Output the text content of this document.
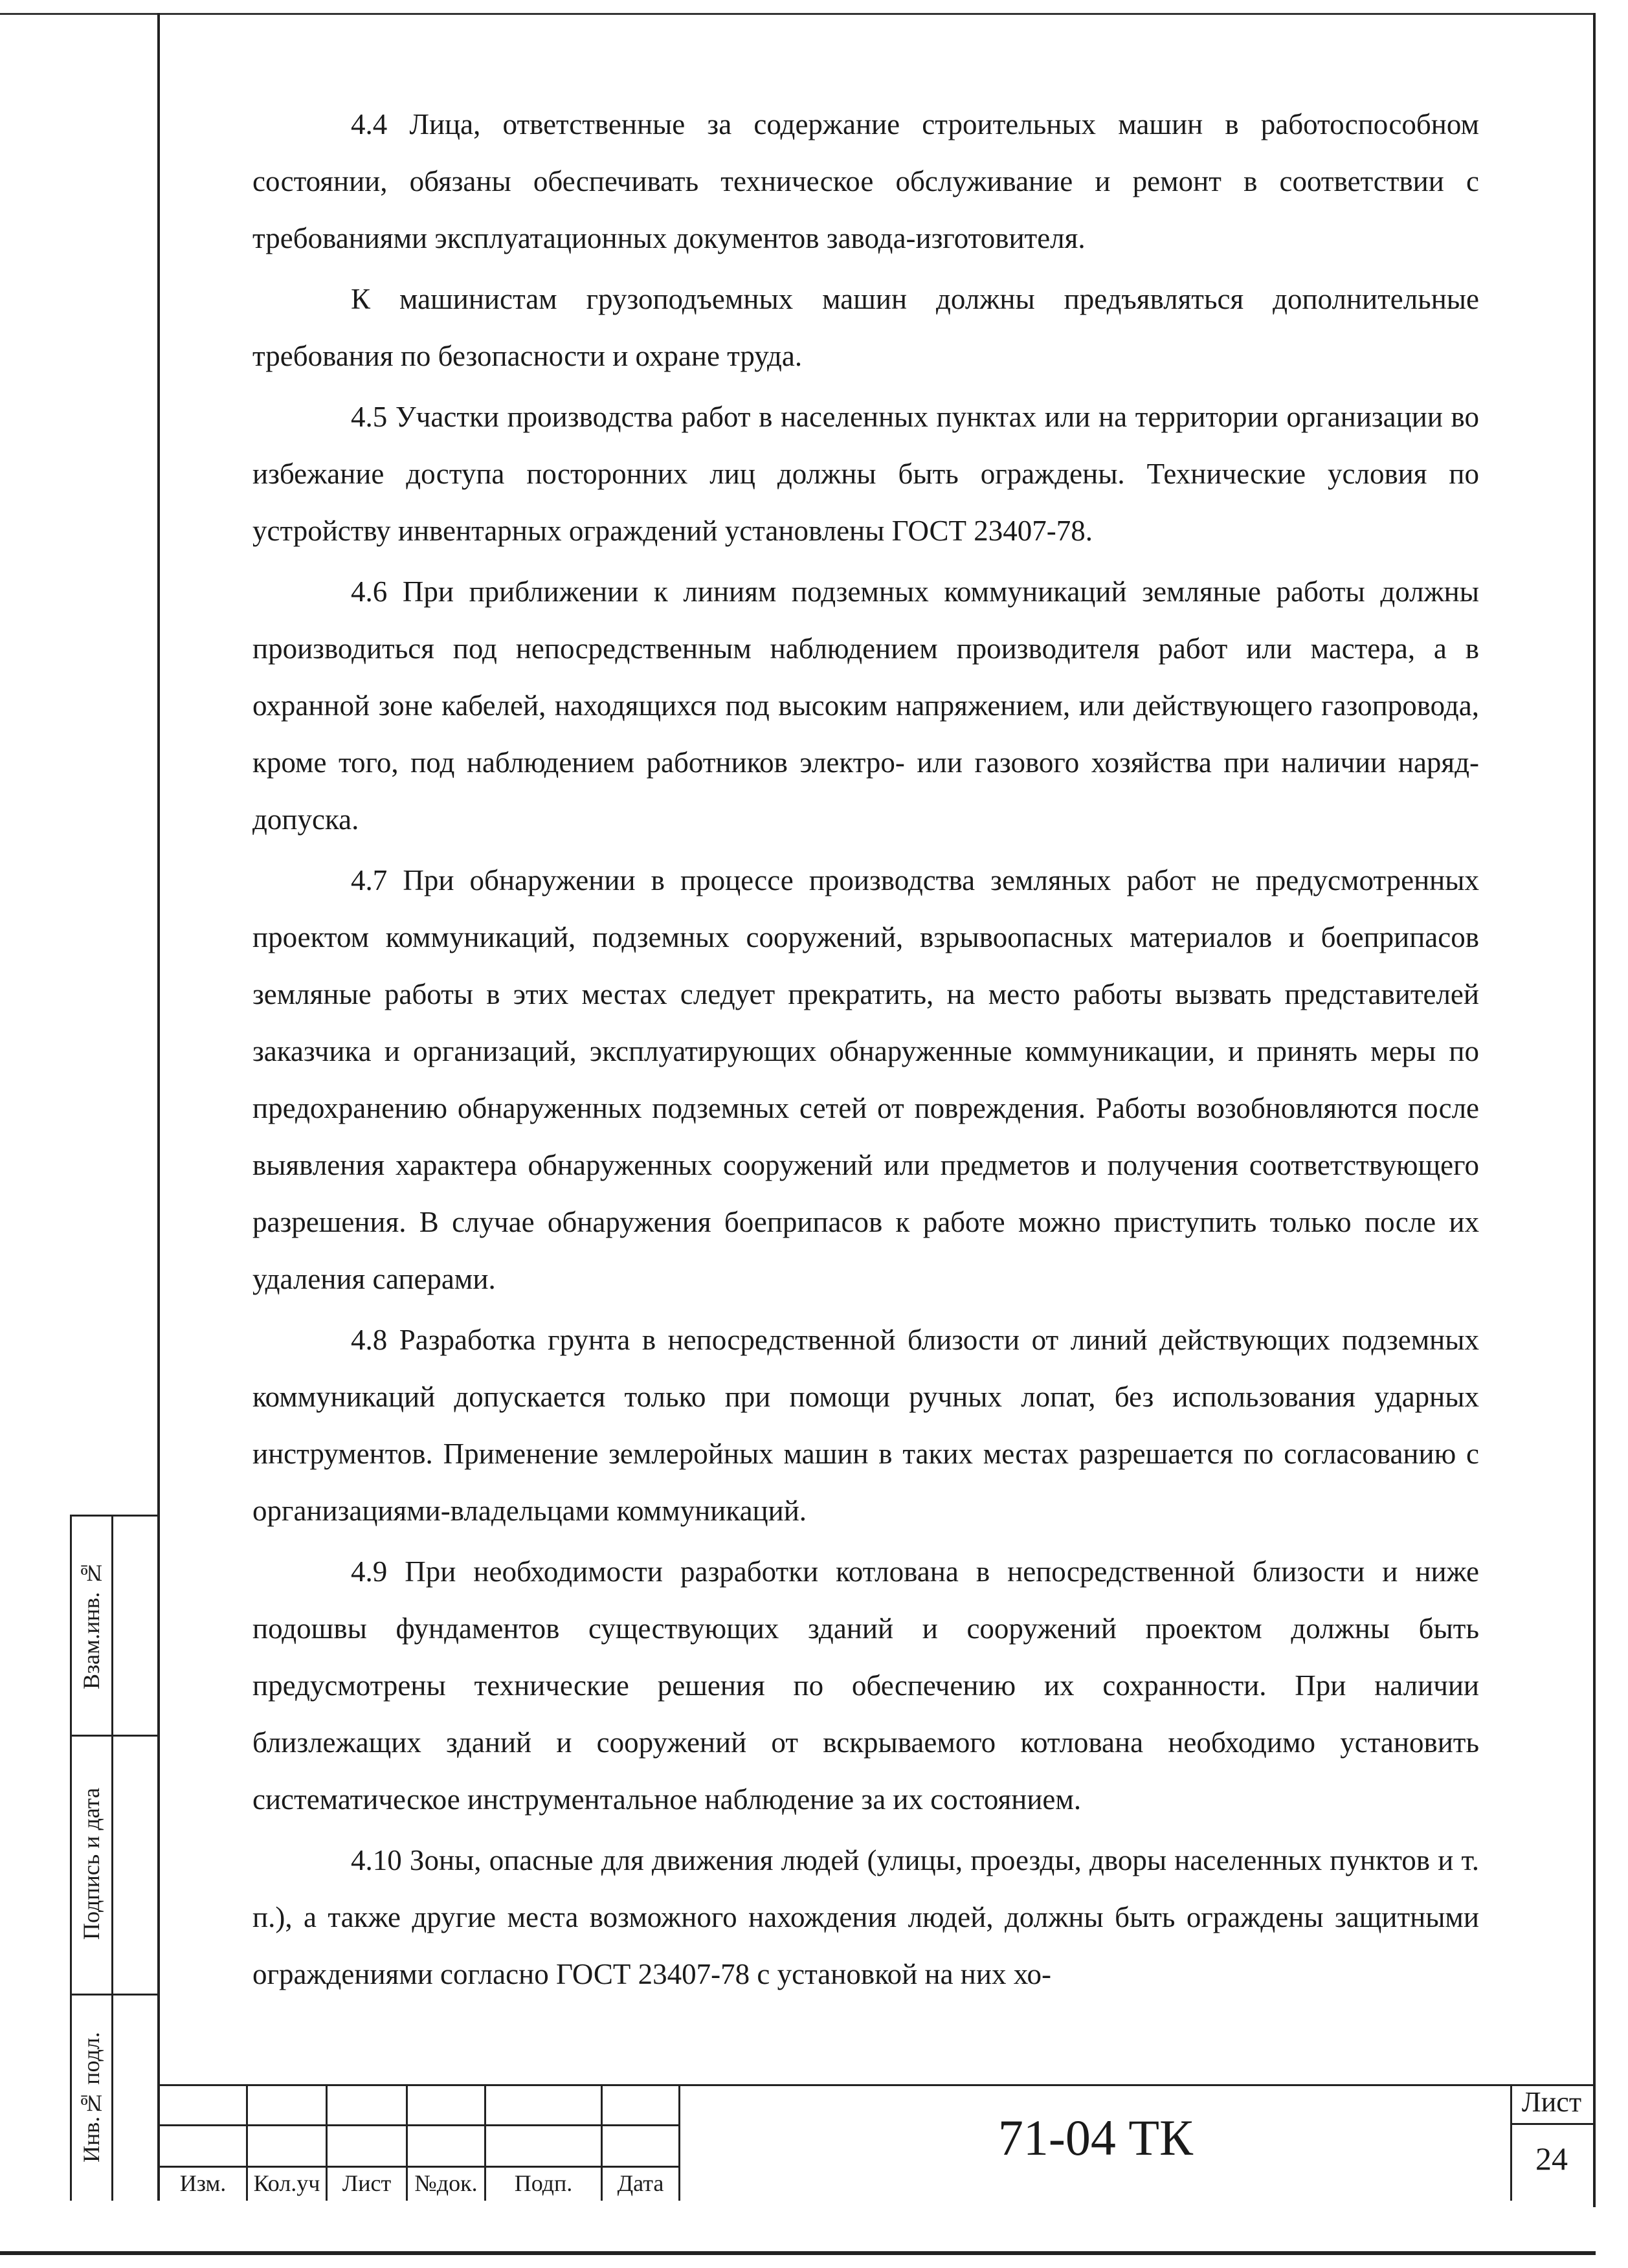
4.4 Лица, ответственные за содержание строительных машин в работоспособном состоянии, обязаны обеспечивать техническое обслуживание и ремонт в соответствии с требованиями эксплуатационных документов завода-изготовителя.

К машинистам грузоподъемных машин должны предъявляться дополнительные требования по безопасности и охране труда.

4.5 Участки производства работ в населенных пунктах или на территории организации во избежание доступа посторонних лиц должны быть ограждены. Технические условия по устройству инвентарных ограждений установлены ГОСТ 23407-78.

4.6 При приближении к линиям подземных коммуникаций земляные работы должны производиться под непосредственным наблюдением производителя работ или мастера, а в охранной зоне кабелей, находящихся под высоким напряжением, или действующего газопровода, кроме того, под наблюдением работников электро- или газового хозяйства при наличии наряд-допуска.

4.7 При обнаружении в процессе производства земляных работ не предусмотренных проектом коммуникаций, подземных сооружений, взрывоопасных материалов и боеприпасов земляные работы в этих местах следует прекратить, на место работы вызвать представителей заказчика и организаций, эксплуатирующих обнаруженные коммуникации, и принять меры по предохранению обнаруженных подземных сетей от повреждения. Работы возобновляются после выявления характера обнаруженных сооружений или предметов и получения соответствующего разрешения. В случае обнаружения боеприпасов к работе можно приступить только после их удаления саперами.

4.8 Разработка грунта в непосредственной близости от линий действующих подземных коммуникаций допускается только при помощи ручных лопат, без использования ударных инструментов. Применение землеройных машин в таких местах разрешается по согласованию с организациями-владельцами коммуникаций.

4.9 При необходимости разработки котлована в непосредственной близости и ниже подошвы фундаментов существующих зданий и сооружений проектом должны быть предусмотрены технические решения по обеспечению их сохранности. При наличии близлежащих зданий и сооружений от вскрываемого котлована необходимо установить систематическое инструментальное наблюдение за их состоянием.

4.10 Зоны, опасные для движения людей (улицы, проезды, дворы населенных пунктов и т. п.), а также другие места возможного нахождения людей, должны быть ограждены защитными ограждениями согласно ГОСТ 23407-78 с установкой на них хо-

Взам.инв. №
Подпись и дата
Инв.№ подл.
Изм.	Кол.уч Лист	№док.	Подп.	Дата
71-04 ТК
Лист
24
